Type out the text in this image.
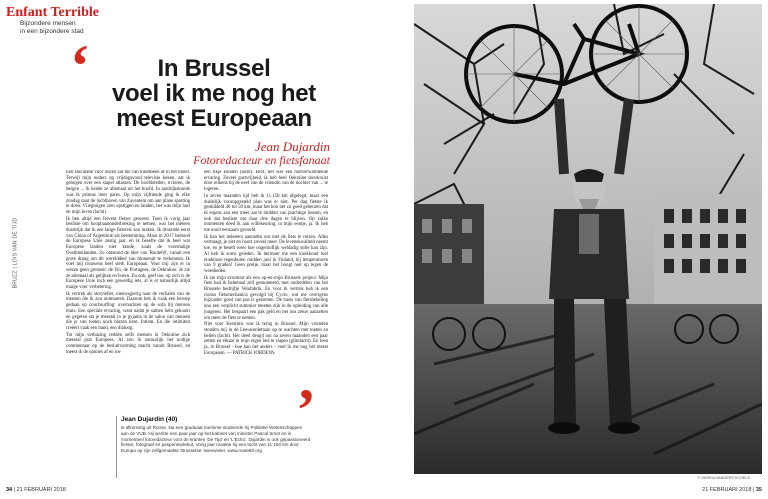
Enfant Terrible
Bijzondere mensen
in een bijzondere stad
BRUZZ | LOIS VAN DE TIJD
‘	In Brussel
voel ik me nog het
meest Europeaan
Jean Dujardin
Fotoredacteur en fietsfanaat

Een fascinatie voor reizen zat me van kindsbeen af in het bloed. Terwijl mijn ouders op vrijdagavond televisie keken, zat ik gebogen over een stapel atlassen. De hoofdsteden, rivieren, de bergen ... ik kende ze allemaal uit het hoofd. In aardrijkskunde was ik primus inter pares. Op mijn vijftiende ging ik elke zondag naar de luchthaven van Zaventem om aan plane spotting te doen. Vliegtuigen zien opstijgen en landen, het was mijn hart en mijn leven (lacht).

Ik ben altijd een fervent fietser geweest. Toen ik vorig jaar besliste om hoopbaanonderbreking te nemen, was het meteen duidelijk dat ik een lange fietsreis zou maken. Ik droomde eerst van China of Argentinië als bestemming. Maar in 2017 bestond de Europese Unie zestig jaar, en ik besefte dat ik heel wat Europese landen niet kende, zoals de voormalige Oostbloklanden. Zo ontstond de idee van 'Route60', vanuit een grote drang om dit werelddeel van binnenuit te verkennen. Ik voel mij trouwens heel sterk Europeaan. Voor mij zijn er in wezen geen grenzen: de Fin, de Portugees, de Oekraïner. Je zie ze allemaal als gelijken en buren. En ook, geef toe, op zich is de Europese Unie toch een geweldig iets, al is et natuurlijk altijd marge voor verbetering.

Ik vertrek als storyteller, nieuwsgierig naar de verhalen van de mensen die ik zou ontmoeten. Daarom heb ik vaak een beroep gedaan op couchsurfing: overnachten op de sofa bij mensen thuis. Een speciale ervaring, want nadat je samen hebt gekookt en gegeten sta je meestal in je pyjama in de salon van mensen die je van toeten noch blazen kent. Intiem. En die intimiteit creëert vaak een band, een dialoog.

Tot mijn verbazing redden zelfs mensen in Oekraïne zich meestal prat Europees. Al zou ik natuurlijk het nodige commentaar op de besluitvorming macht vanuit Brussel, en meest ik de opinies af en toe

een tikje kunden (lacht). Brof, het was een hartverwarmende ervaring. Zeveel gastvrijheid, ik heb heel Oekraïne doorkruist door telkens bij de neef van de vriendin van de dochter van ... te logeren.

In zeven maanden tijd heb ik 11.150 km afgelegd, maar een duidelijk vooropgesteld plan was er niet. Per dag fietste ik gemiddeld 40 tot 50 km, maar het kon net zo goed gebeuren dat ik ergens aan een meer zat te midden van prachtige bossen, en ook dat besliste om daar drie dagen te blijven. Op zulke momenten deed ik aan willekeuring, in mijn eentje, ja. Ik heb me nooit eenzaam gevoeld.

Ik kan het iedereen aanraden om met de fiets te reizen. Alles vertraagt, je ziet en hoort zoveel meer. De levenskwaliteit neemt toe, en je beseft weer hoe ongelooflijk weldadig stille kan zijn. Al heb ik soms geleden. Ik herinner me een knokkoud tuel eindeloze regenbuien midden juni in Finland, bij temperaturen van 9 graden! Geen pretje, maar het hoogt niet op tegen de woesheden.

Ik zie mijn avontuur als een op-en-mijn Brussels project. Mijn fiets had ik helemaal zelf gemonteerd, met onderdelen van het Brussele bedrijfje Velofabrik. En voor ik vertrok heb ik een cursus fietsmechanica gevolgd bij Cyclo, wat me overigens bijzonder goed van pas is gekomen. De basis van fietsbeheling uno een verplicht summier meeten zijn in de opleiding van alle jongeren. Het bespaart een pak geld en het ons zeker aanzetten om meer de fiets te nemen.

Niet voor Kerstmis was ik terug in Brussel. Mijn vrienden stonden mij in de Leeuwenlettaan op te wachten met toeten en bellen (lacht). Het deed deugd om na zeven maanden een paar zetten en elkaar in mijn eigen bed te slapen (glimlacht). En toen ja, in Brussel - hoe kan het anders - voel ik me nog het meest Europeaan. — PATRICK JORDENS

’
Jean Dujardin (40)
is afkomstig uit Ronse. Na een graduaat toerisme studeerde hij Politieke Wetenschappen aan de VUB. Hij werkte een paar jaar op het kabinet van minister Pascal Smet en is momenteel fotoredacteur voor de kranten 'De Tijd' en 'L'Echo'. Dujardin is ook gepassioneerd fietser, fotograaf en paspenteplebut. Vorig jaar maakte hij een tocht van 11 150 km door Europa op zijn zelfgemaakte 'Brusselse' tweewieler. www.route60.org
34 | 21 FEBRUARI 2018
© SASKIA VANDERSTICHELE
21 FEBRUARI 2018 | 35
